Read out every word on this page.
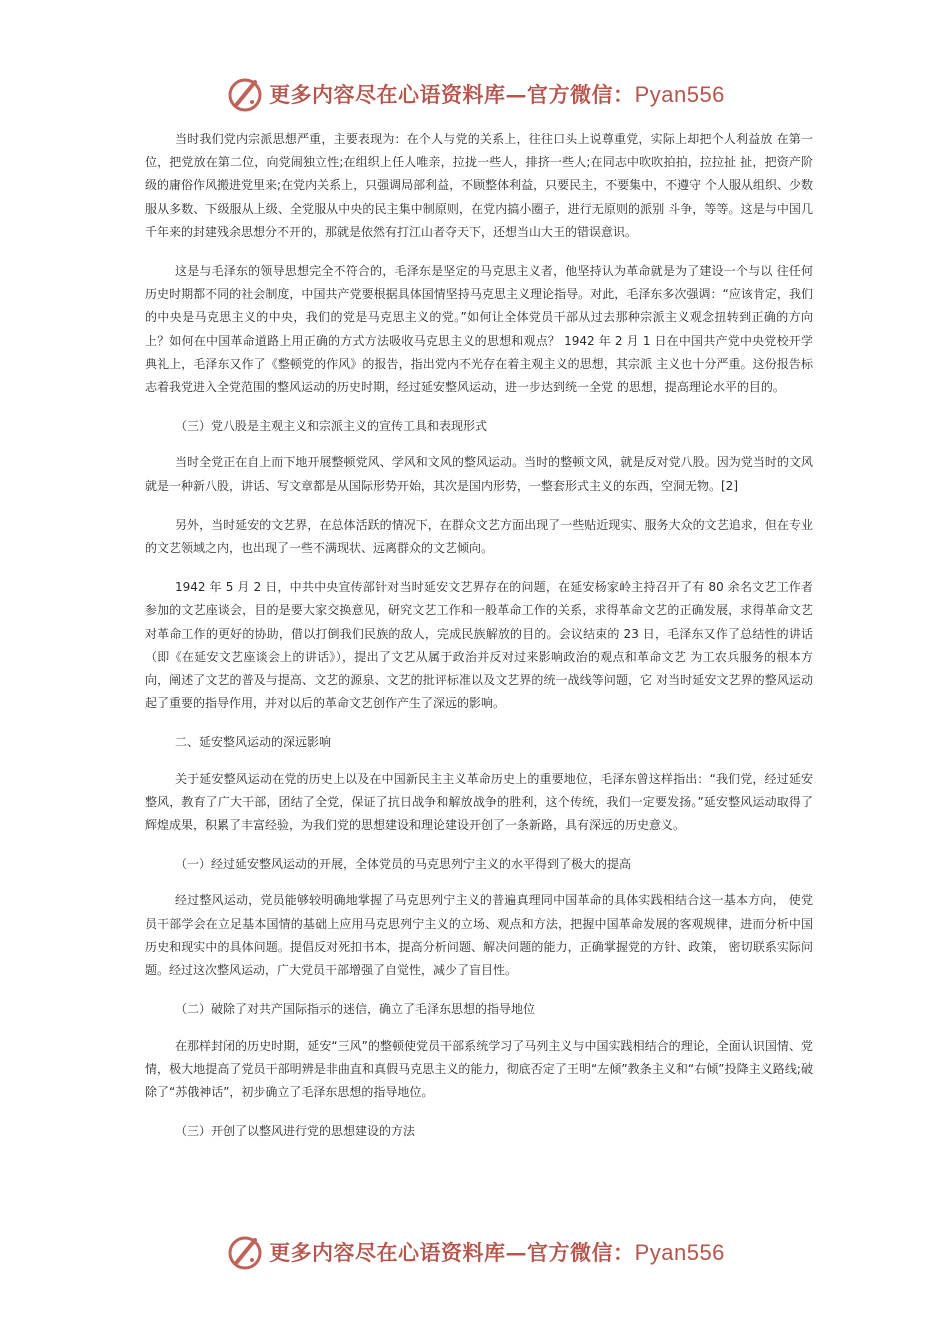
更多内容尽在心语资料库—官方微信：Pyan556

当时我们党内宗派思想严重，主要表现为：在个人与党的关系上，往往口头上说尊重党，实际上却把个人利益放 在第一位，把党放在第二位，向党闹独立性;在组织上任人唯亲，拉拢一些人，排挤一些人;在同志中吹吹拍拍，拉拉扯 扯，把资产阶级的庸俗作风搬进党里来;在党内关系上，只强调局部利益，不顾整体利益，只要民主，不要集中，不遵守 个人服从组织、少数服从多数、下级服从上级、全党服从中央的民主集中制原则，在党内搞小圈子，进行无原则的派别 斗争，等等。这是与中国几千年来的封建残余思想分不开的，那就是依然有打江山者夺天下，还想当山大王的错误意识。

这是与毛泽东的领导思想完全不符合的，毛泽东是坚定的马克思主义者，他坚持认为革命就是为了建设一个与以 往任何历史时期都不同的社会制度，中国共产党要根据具体国情坚持马克思主义理论指导。对此，毛泽东多次强调：“应该肯定，我们的中央是马克思主义的中央，我们的党是马克思主义的党。”如何让全体党员干部从过去那种宗派主义观念扭转到正确的方向上？如何在中国革命道路上用正确的方式方法吸收马克思主义的思想和观点？ 1942 年 2 月 1 日在中国共产党中央党校开学典礼上，毛泽东又作了《整顿党的作风》的报告，指出党内不光存在着主观主义的思想，其宗派 主义也十分严重。这份报告标志着我党进入全党范围的整风运动的历史时期，经过延安整风运动，进一步达到统一全党 的思想，提高理论水平的目的。

（三）党八股是主观主义和宗派主义的宣传工具和表现形式

当时全党正在自上而下地开展整顿党风、学风和文风的整风运动。当时的整顿文风，就是反对党八股。因为党当时的文风就是一种新八股，讲话、写文章都是从国际形势开始，其次是国内形势，一整套形式主义的东西，空洞无物。[2]

另外，当时延安的文艺界，在总体活跃的情况下，在群众文艺方面出现了一些贴近现实、服务大众的文艺追求，但在专业的文艺领域之内，也出现了一些不满现状、远离群众的文艺倾向。

1942 年 5 月 2 日，中共中央宣传部针对当时延安文艺界存在的问题，在延安杨家岭主持召开了有 80 余名文艺工作者参加的文艺座谈会，目的是要大家交换意见，研究文艺工作和一般革命工作的关系，求得革命文艺的正确发展，求得革命文艺对革命工作的更好的协助，借以打倒我们民族的敌人，完成民族解放的目的。会议结束的 23 日，毛泽东又作了总结性的讲话（即《在延安文艺座谈会上的讲话》），提出了文艺从属于政治并反对过来影响政治的观点和革命文艺 为工农兵服务的根本方向，阐述了文艺的普及与提高、文艺的源泉、文艺的批评标准以及文艺界的统一战线等问题，它 对当时延安文艺界的整风运动起了重要的指导作用，并对以后的革命文艺创作产生了深远的影响。

二、延安整风运动的深远影响

关于延安整风运动在党的历史上以及在中国新民主主义革命历史上的重要地位，毛泽东曾这样指出：“我们党，经过延安整风，教育了广大干部，团结了全党，保证了抗日战争和解放战争的胜利，这个传统，我们一定要发扬。”延安整风运动取得了辉煌成果，积累了丰富经验，为我们党的思想建设和理论建设开创了一条新路，具有深远的历史意义。

（一）经过延安整风运动的开展，全体党员的马克思列宁主义的水平得到了极大的提高

经过整风运动，党员能够较明确地掌握了马克思列宁主义的普遍真理同中国革命的具体实践相结合这一基本方向， 使党员干部学会在立足基本国情的基础上应用马克思列宁主义的立场、观点和方法，把握中国革命发展的客观规律，进而分析中国历史和现实中的具体问题。提倡反对死扣书本，提高分析问题、解决问题的能力，正确掌握党的方针、政策， 密切联系实际问题。经过这次整风运动，广大党员干部增强了自觉性，减少了盲目性。

（二）破除了对共产国际指示的迷信，确立了毛泽东思想的指导地位

在那样封闭的历史时期，延安“三风”的整顿使党员干部系统学习了马列主义与中国实践相结合的理论，全面认识国情、党情，极大地提高了党员干部明辨是非曲直和真假马克思主义的能力，彻底否定了王明“左倾”教条主义和“右倾”投降主义路线;破除了“苏俄神话”，初步确立了毛泽东思想的指导地位。

（三）开创了以整风进行党的思想建设的方法

更多内容尽在心语资料库—官方微信：Pyan556
